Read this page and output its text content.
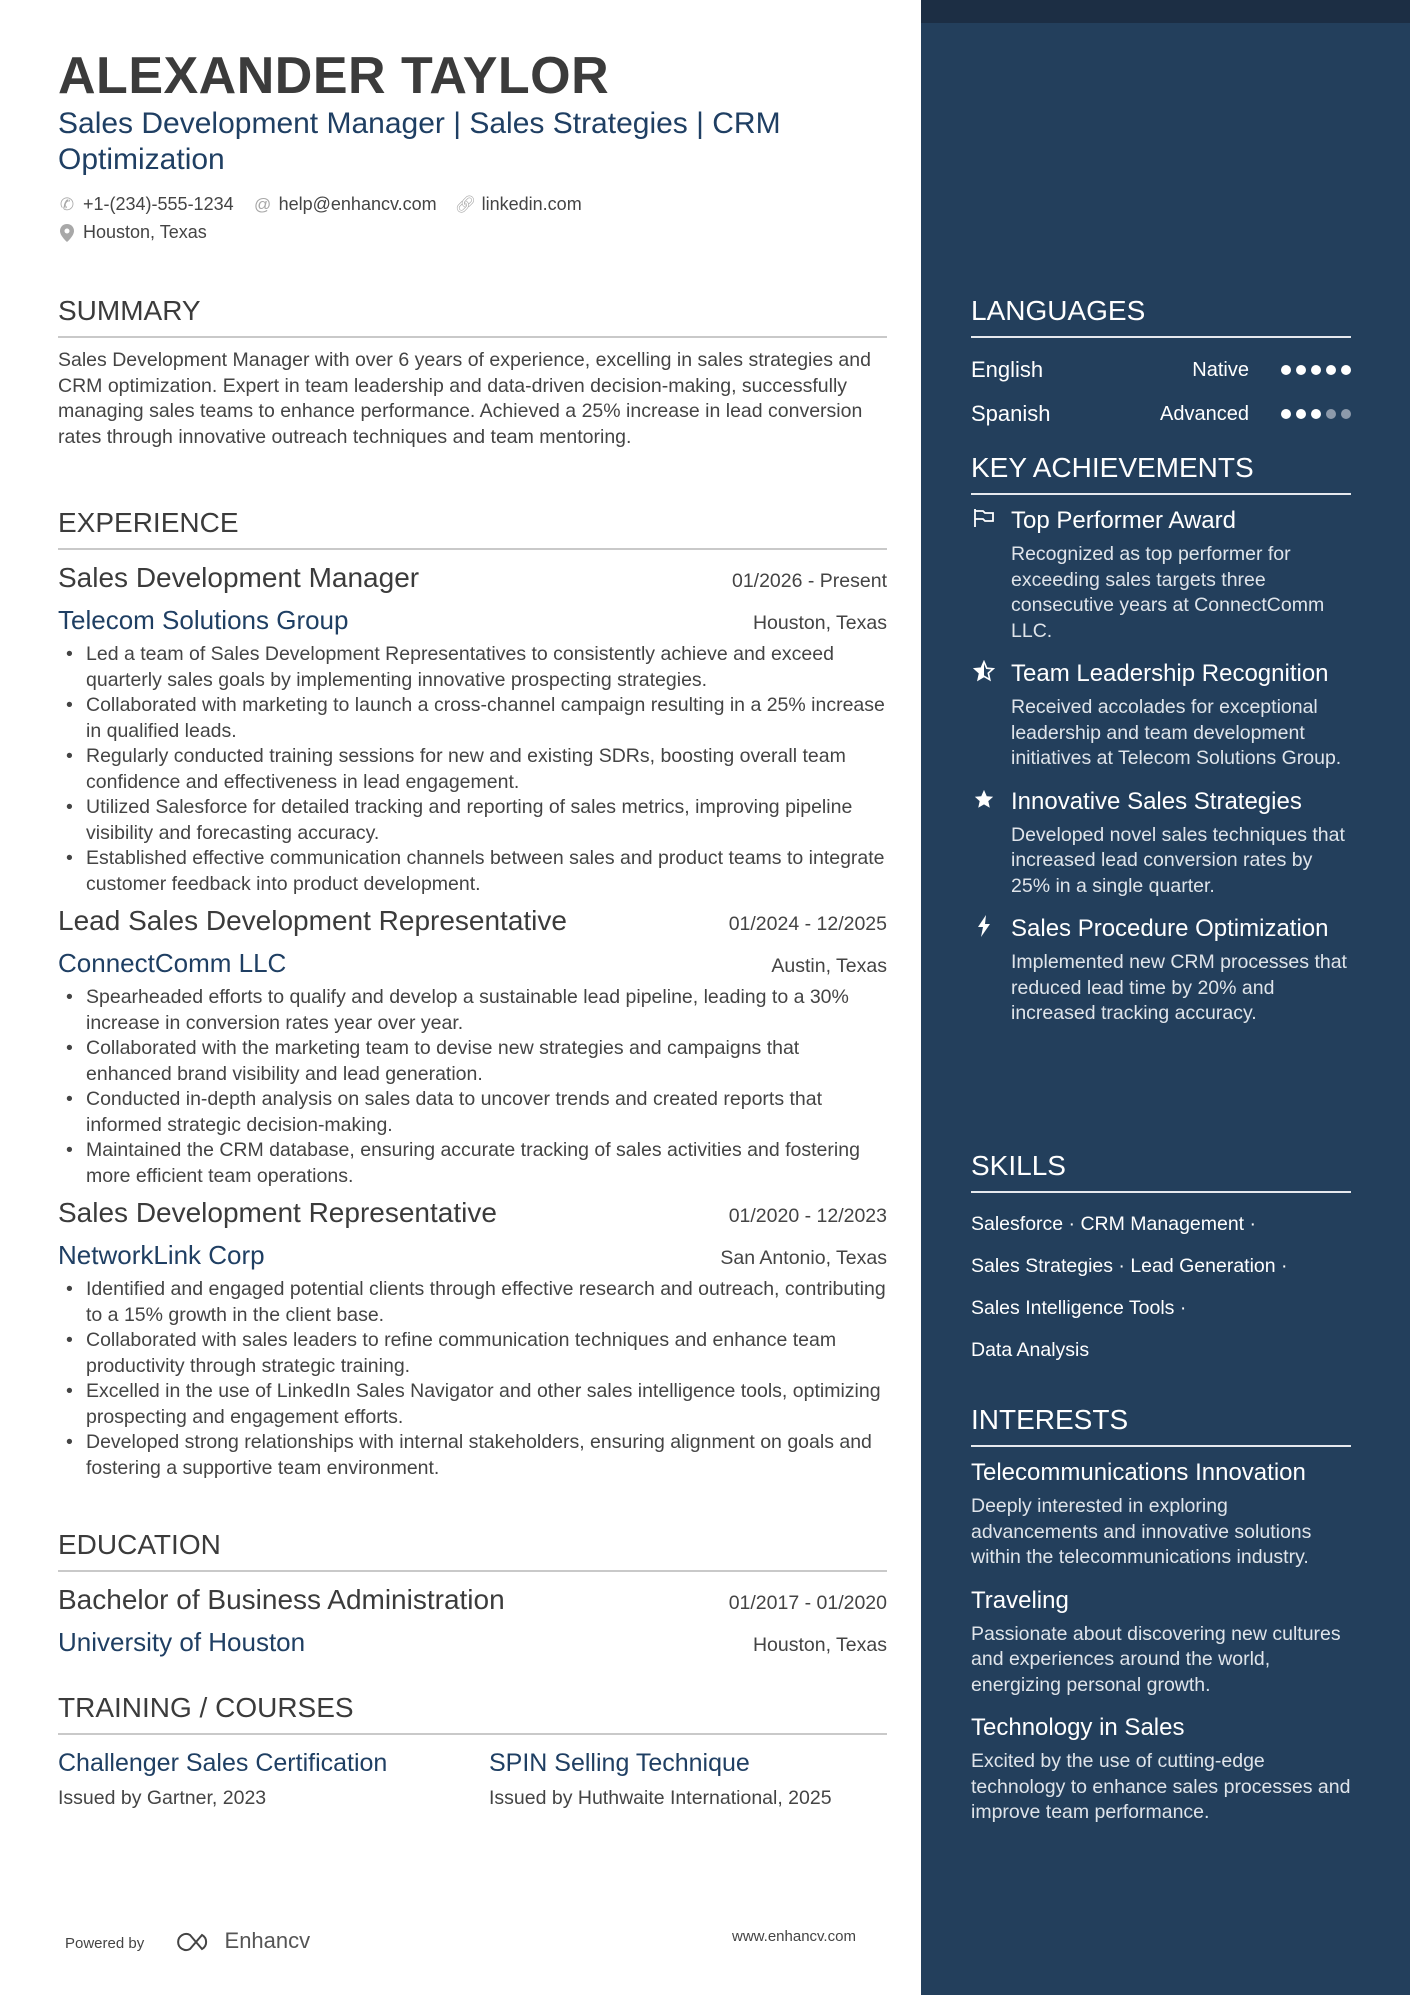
ALEXANDER TAYLOR
Sales Development Manager | Sales Strategies | CRM Optimization
✆ +1-(234)-555-1234 @ help@enhancv.com 🔗︎ linkedin.com
Houston, Texas
SUMMARY
Sales Development Manager with over 6 years of experience, excelling in sales strategies and CRM optimization. Expert in team leadership and data-driven decision-making, successfully managing sales teams to enhance performance. Achieved a 25% increase in lead conversion rates through innovative outreach techniques and team mentoring.
EXPERIENCE
Sales Development Manager	01/2026 - Present
Telecom Solutions Group	Houston, Texas
• Led a team of Sales Development Representatives to consistently achieve and exceed quarterly sales goals by implementing innovative prospecting strategies.
• Collaborated with marketing to launch a cross-channel campaign resulting in a 25% increase in qualified leads.
• Regularly conducted training sessions for new and existing SDRs, boosting overall team confidence and effectiveness in lead engagement.
• Utilized Salesforce for detailed tracking and reporting of sales metrics, improving pipeline visibility and forecasting accuracy.
• Established effective communication channels between sales and product teams to integrate customer feedback into product development.
Lead Sales Development Representative	01/2024 - 12/2025
ConnectComm LLC	Austin, Texas
• Spearheaded efforts to qualify and develop a sustainable lead pipeline, leading to a 30% increase in conversion rates year over year.
• Collaborated with the marketing team to devise new strategies and campaigns that enhanced brand visibility and lead generation.
• Conducted in-depth analysis on sales data to uncover trends and created reports that informed strategic decision-making.
• Maintained the CRM database, ensuring accurate tracking of sales activities and fostering more efficient team operations.
Sales Development Representative	01/2020 - 12/2023
NetworkLink Corp	San Antonio, Texas
• Identified and engaged potential clients through effective research and outreach, contributing to a 15% growth in the client base.
• Collaborated with sales leaders to refine communication techniques and enhance team productivity through strategic training.
• Excelled in the use of LinkedIn Sales Navigator and other sales intelligence tools, optimizing prospecting and engagement efforts.
• Developed strong relationships with internal stakeholders, ensuring alignment on goals and fostering a supportive team environment.
EDUCATION
Bachelor of Business Administration	01/2017 - 01/2020
University of Houston	Houston, Texas
TRAINING / COURSES
Challenger Sales Certification
Issued by Gartner, 2023
SPIN Selling Technique
Issued by Huthwaite International, 2025
Powered by	Enhancv	www.enhancv.com
LANGUAGES
English	Native
Spanish	Advanced
KEY ACHIEVEMENTS
Top Performer Award
Recognized as top performer for exceeding sales targets three consecutive years at ConnectComm LLC.
Team Leadership Recognition
Received accolades for exceptional leadership and team development initiatives at Telecom Solutions Group.
Innovative Sales Strategies
Developed novel sales techniques that increased lead conversion rates by 25% in a single quarter.
Sales Procedure Optimization
Implemented new CRM processes that reduced lead time by 20% and increased tracking accuracy.
SKILLS
Salesforce · CRM Management ·
Sales Strategies · Lead Generation ·
Sales Intelligence Tools ·
Data Analysis
INTERESTS
Telecommunications Innovation
Deeply interested in exploring advancements and innovative solutions within the telecommunications industry.
Traveling
Passionate about discovering new cultures and experiences around the world, energizing personal growth.
Technology in Sales
Excited by the use of cutting-edge technology to enhance sales processes and improve team performance.
